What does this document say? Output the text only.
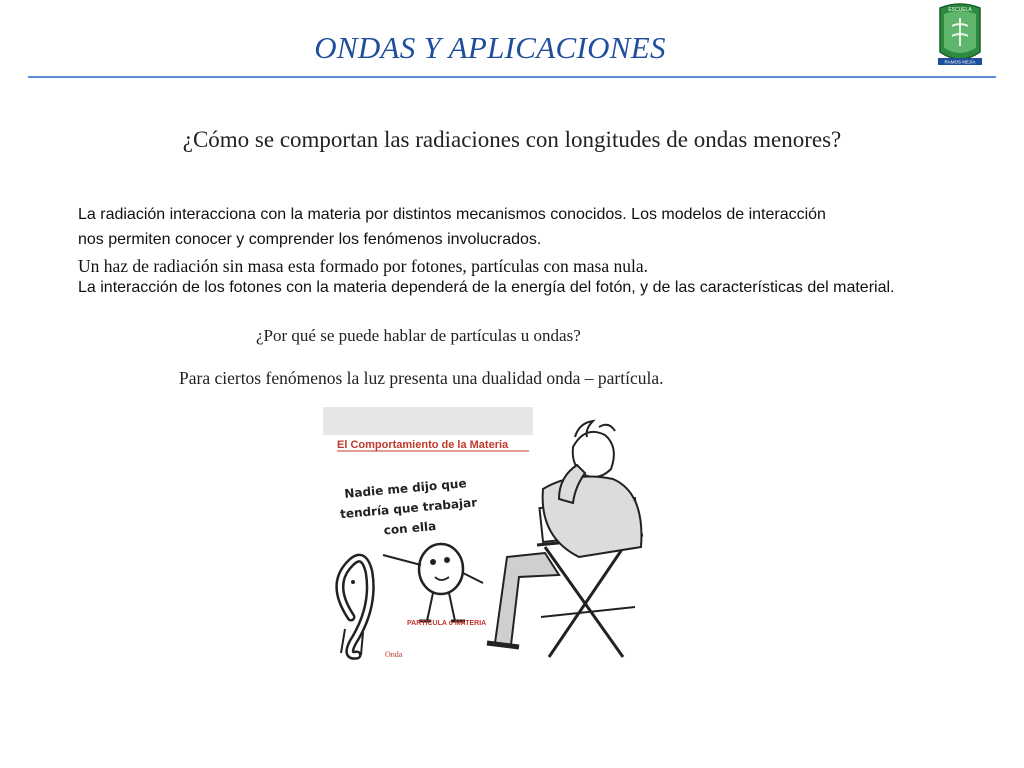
ONDAS Y APLICACIONES
ESCUELA
RAMOS MEJÍA
¿Cómo se comportan las radiaciones con longitudes de ondas menores?
La radiación interacciona con la materia por distintos mecanismos conocidos. Los modelos de interacción
nos permiten conocer y comprender los fenómenos involucrados.
Un haz de radiación sin masa esta formado por fotones, partículas con masa nula.
La interacción de los fotones con la materia dependerá de la energía del fotón, y de las características del material.
¿Por qué se puede hablar de partículas u ondas?
Para ciertos fenómenos la luz presenta una dualidad onda – partícula.
El Comportamiento de la Materia
Nadie me dijo que
tendría que trabajar
con ella
PARTICULA o MATERIA
Onda
